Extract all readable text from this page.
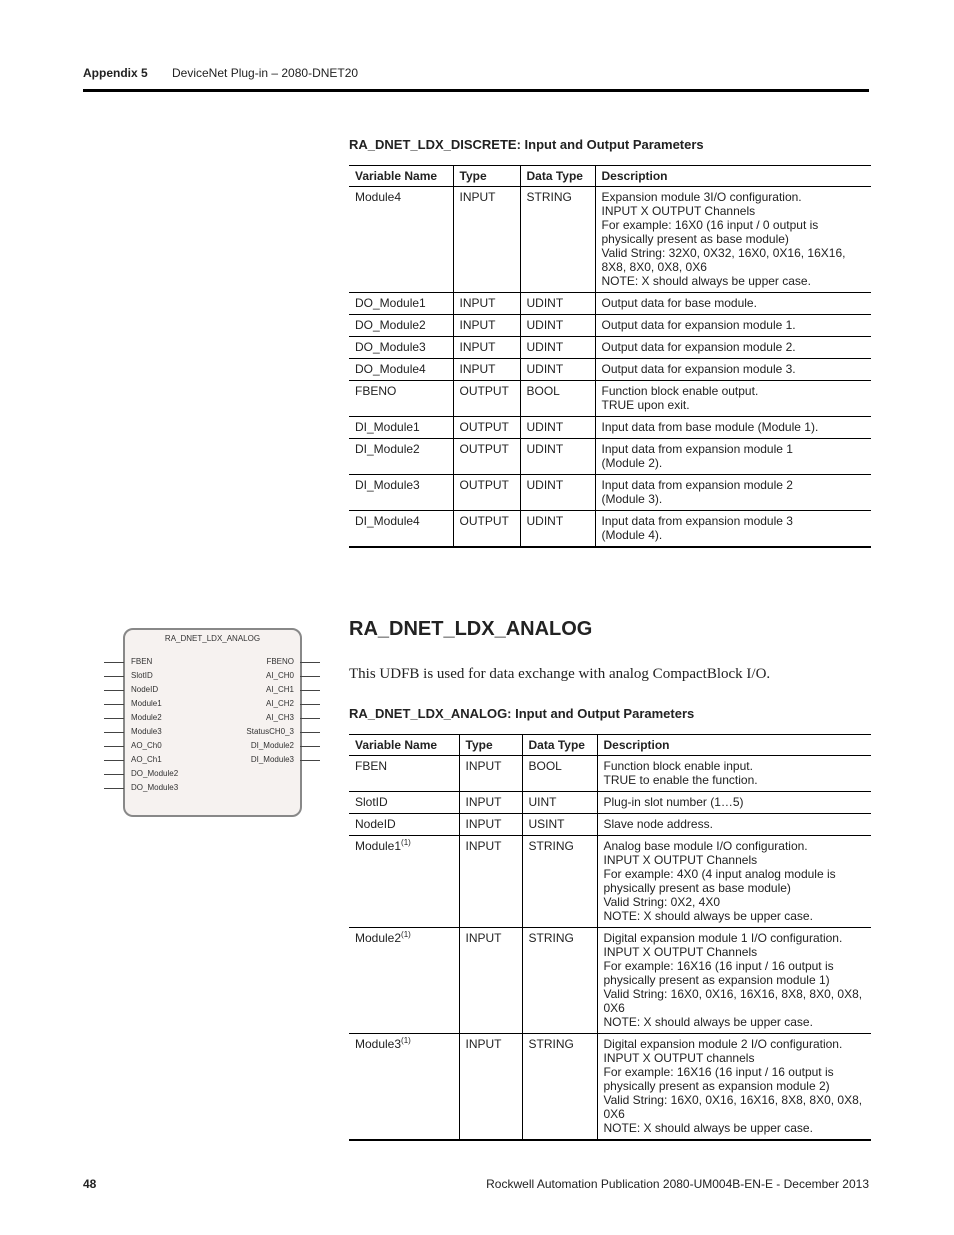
Appendix 5 DeviceNet Plug-in – 2080-DNET20
RA_DNET_LDX_DISCRETE: Input and Output Parameters
Variable Name	Type	Data Type	Description
Module4	INPUT	STRING	Expansion module 3I/O configuration.
INPUT X OUTPUT Channels
For example: 16X0 (16 input / 0 output is physically present as base module)
Valid String: 32X0, 0X32, 16X0, 0X16, 16X16, 8X8, 8X0, 0X8, 0X6
NOTE: X should always be upper case.

DO_Module1	INPUT	UDINT	Output data for base module.

DO_Module2	INPUT	UDINT	Output data for expansion module 1.

DO_Module3	INPUT	UDINT	Output data for expansion module 2.

DO_Module4	INPUT	UDINT	Output data for expansion module 3.

FBENO	OUTPUT	BOOL	Function block enable output.
TRUE upon exit.

DI_Module1	OUTPUT	UDINT	Input data from base module (Module 1).

DI_Module2	OUTPUT	UDINT	Input data from expansion module 1
(Module 2).

DI_Module3	OUTPUT	UDINT	Input data from expansion module 2
(Module 3).

DI_Module4	OUTPUT	UDINT	Input data from expansion module 3
(Module 4).
RA_DNET_LDX_ANALOG
FBEN
SlotID
NodeID
Module1
Module2
Module3
AO_Ch0
AO_Ch1
DO_Module2
DO_Module3
FBENO
AI_CH0
AI_CH1
AI_CH2
AI_CH3
StatusCH0_3
DI_Module2
DI_Module3
RA_DNET_LDX_ANALOG
This UDFB is used for data exchange with analog CompactBlock I/O.
RA_DNET_LDX_ANALOG: Input and Output Parameters
Variable Name	Type	Data Type	Description
FBEN	INPUT	BOOL	Function block enable input.
TRUE to enable the function.

SlotID	INPUT	UINT	Plug-in slot number (1…5)

NodeID	INPUT	USINT	Slave node address.

Module1$^{(1)}$	INPUT	STRING	Analog base module I/O configuration.
INPUT X OUTPUT Channels
For example: 4X0 (4 input analog module is physically present as base module)
Valid String: 0X2, 4X0
NOTE: X should always be upper case.

Module2$^{(1)}$	INPUT	STRING	Digital expansion module 1 I/O configuration.
INPUT X OUTPUT Channels
For example: 16X16 (16 input / 16 output is physically present as expansion module 1)
Valid String: 16X0, 0X16, 16X16, 8X8, 8X0, 0X8, 0X6
NOTE: X should always be upper case.

Module3$^{(1)}$	INPUT	STRING	Digital expansion module 2 I/O configuration.
INPUT X OUTPUT channels
For example: 16X16 (16 input / 16 output is physically present as expansion module 2)
Valid String: 16X0, 0X16, 16X16, 8X8, 8X0, 0X8, 0X6
NOTE: X should always be upper case.
48	Rockwell Automation Publication 2080-UM004B-EN-E - December 2013
